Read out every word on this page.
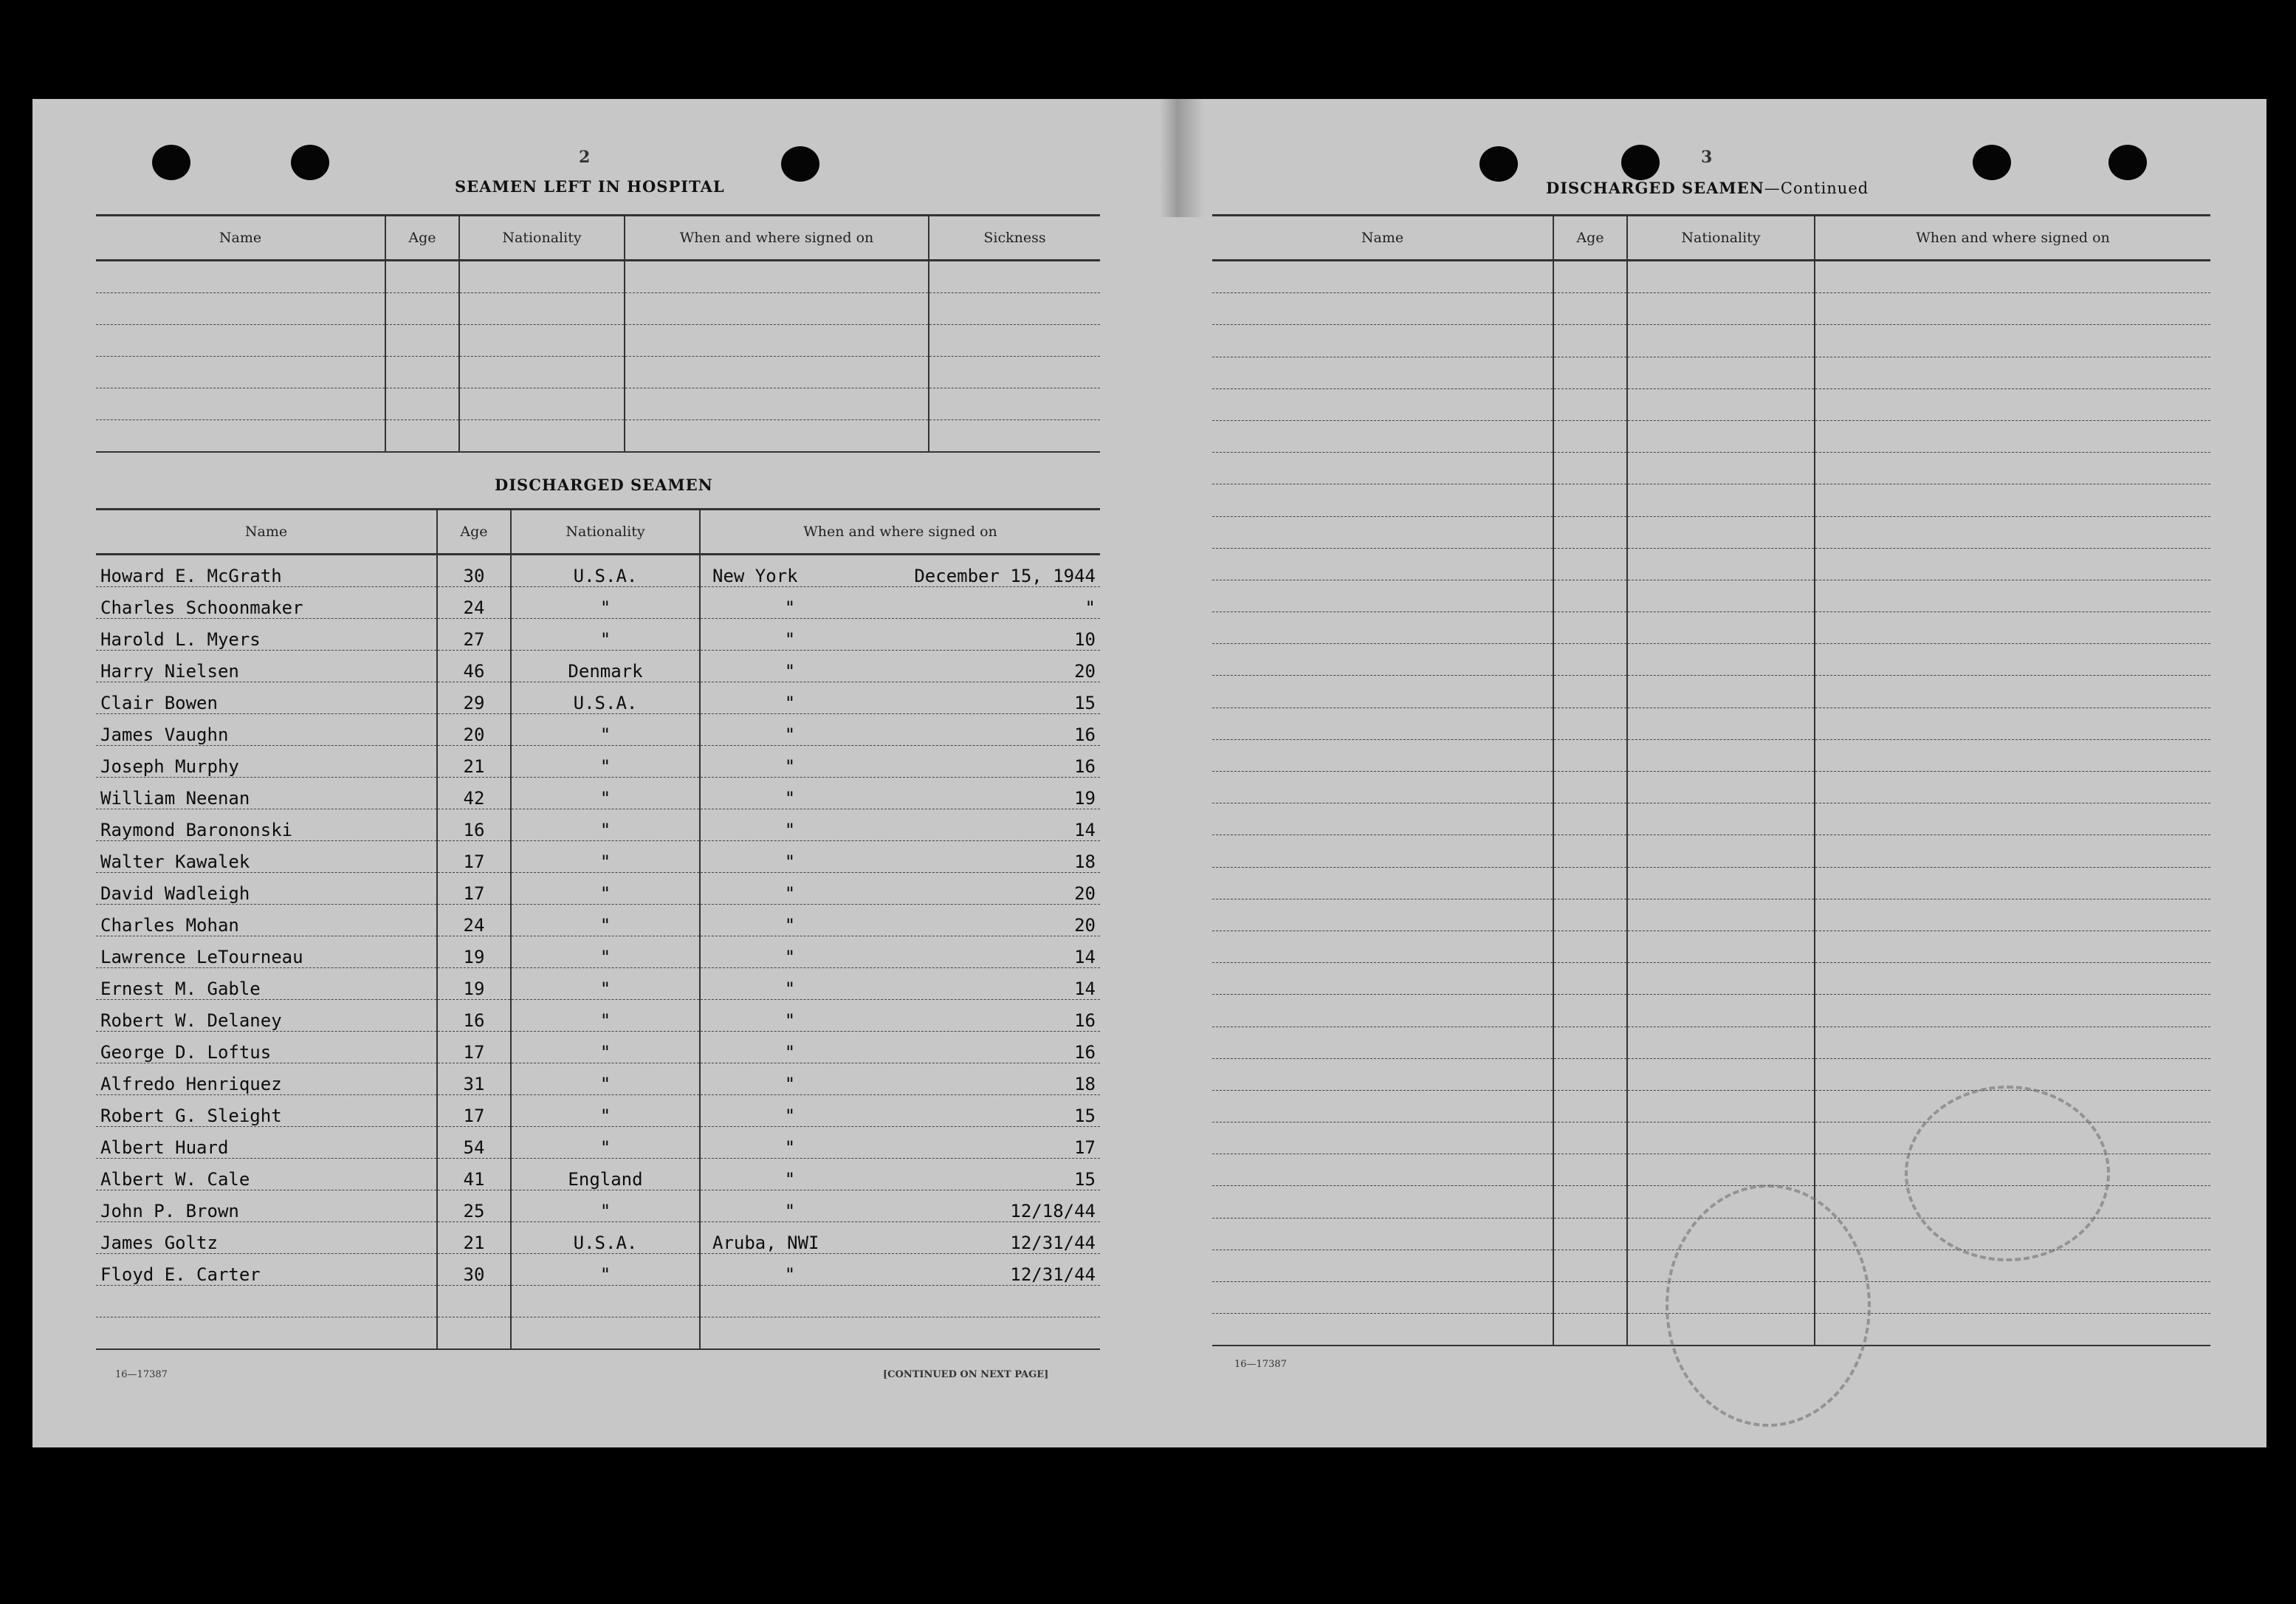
2
SEAMEN LEFT IN HOSPITAL
Name	Age	Nationality	When and where signed on	Sickness

DISCHARGED SEAMEN
Name	Age	Nationality	When and where signed on
Howard E. McGrath	30	U.S.A.	New York December 15, 1944

Charles Schoonmaker	24	"	" "

Harold L. Myers	27	"	" 10

Harry Nielsen	46	Denmark	" 20

Clair Bowen	29	U.S.A.	" 15

James Vaughn	20	"	" 16

Joseph Murphy	21	"	" 16

William Neenan	42	"	" 19

Raymond Barononski	16	"	" 14

Walter Kawalek	17	"	" 18

David Wadleigh	17	"	" 20

Charles Mohan	24	"	" 20

Lawrence LeTourneau	19	"	" 14

Ernest M. Gable	19	"	" 14

Robert W. Delaney	16	"	" 16

George D. Loftus	17	"	" 16

Alfredo Henriquez	31	"	" 18

Robert G. Sleight	17	"	" 15

Albert Huard	54	"	" 17

Albert W. Cale	41	England	" 15

John P. Brown	25	"	" 12/18/44

James Goltz	21	U.S.A.	Aruba, NWI 12/31/44

Floyd E. Carter	30	"	" 12/31/44

16—17387	[CONTINUED ON NEXT PAGE]
3
DISCHARGED SEAMEN—Continued
Name	Age	Nationality	When and where signed on

16—17387
